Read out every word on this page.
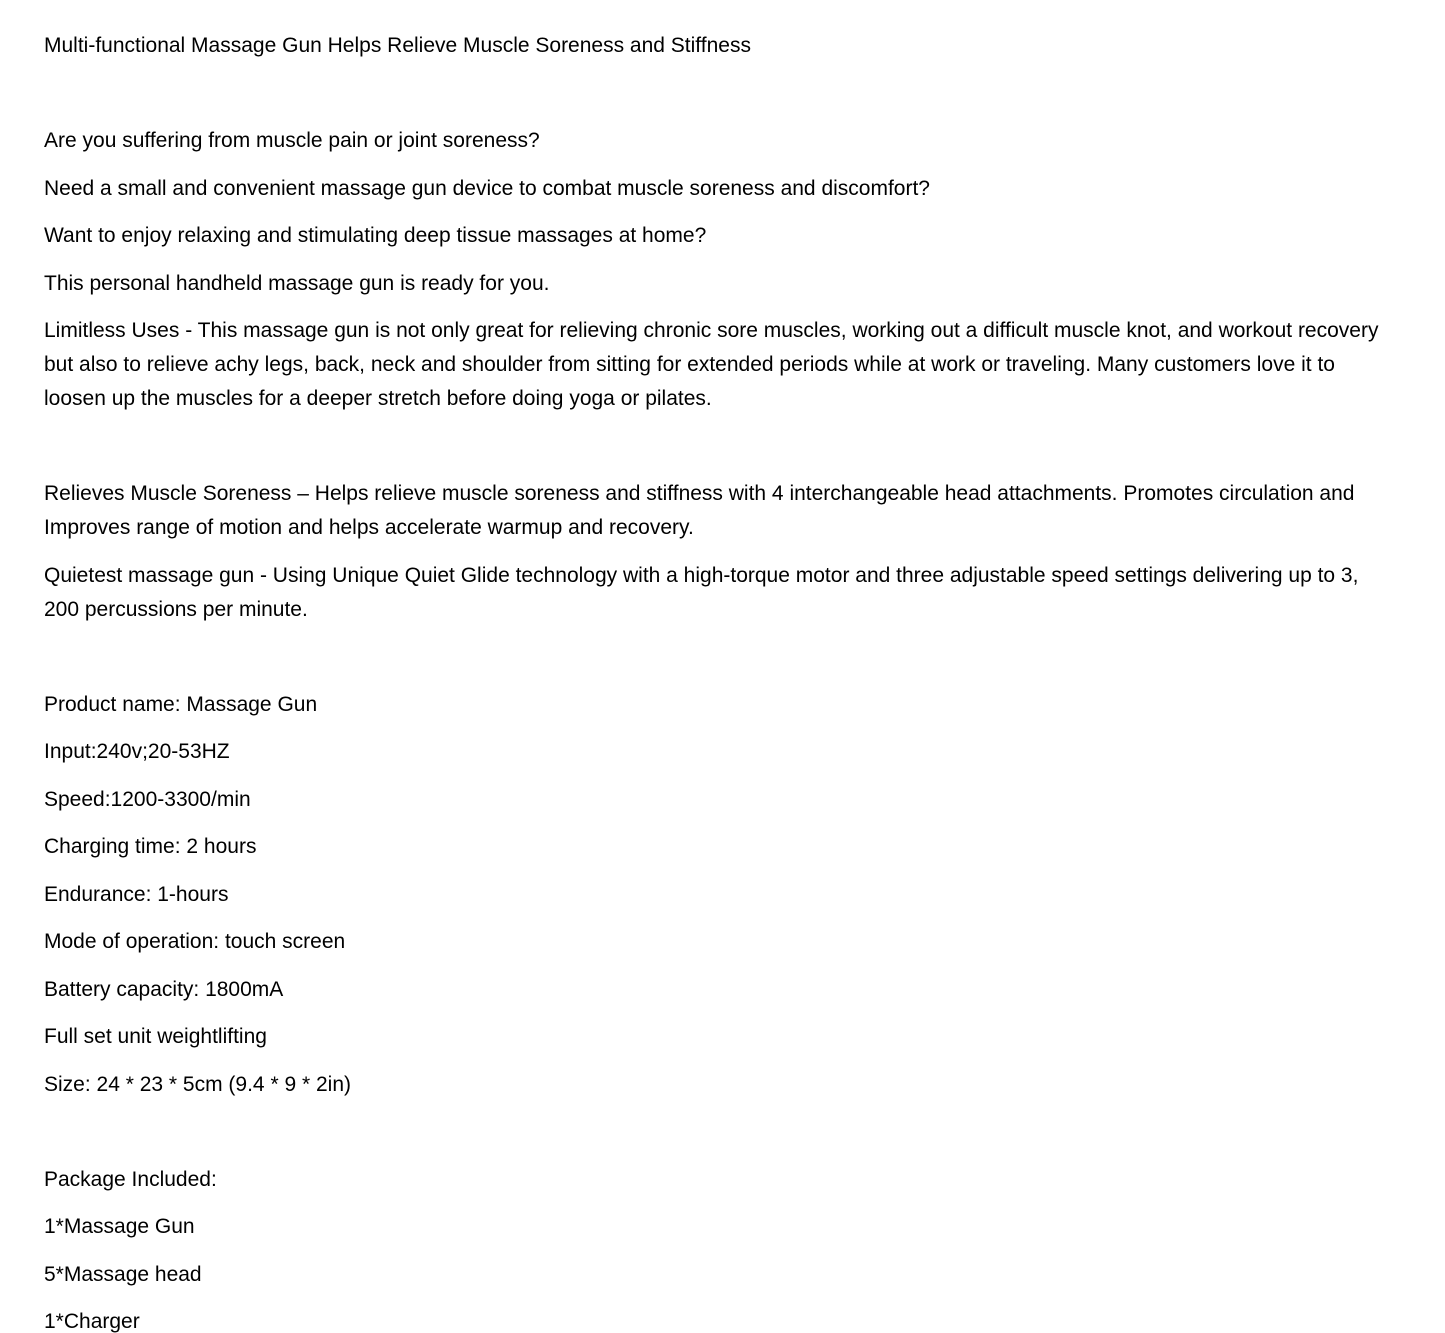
Multi-functional Massage Gun Helps Relieve Muscle Soreness and Stiffness

Are you suffering from muscle pain or joint soreness?

Need a small and convenient massage gun device to combat muscle soreness and discomfort?

Want to enjoy relaxing and stimulating deep tissue massages at home?

This personal handheld massage gun is ready for you.

Limitless Uses - This massage gun is not only great for relieving chronic sore muscles, working out a difficult muscle knot, and workout recovery but also to relieve achy legs, back, neck and shoulder from sitting for extended periods while at work or traveling. Many customers love it to loosen up the muscles for a deeper stretch before doing yoga or pilates.

Relieves Muscle Soreness – Helps relieve muscle soreness and stiffness with 4 interchangeable head attachments. Promotes circulation and Improves range of motion and helps accelerate warmup and recovery.

Quietest massage gun - Using Unique Quiet Glide technology with a high-torque motor and three adjustable speed settings delivering up to 3, 200 percussions per minute.

Product name: Massage Gun

Input:240v;20-53HZ

Speed:1200-3300/min

Charging time: 2 hours

Endurance: 1-hours

Mode of operation: touch screen

Battery capacity: 1800mA

Full set unit weightlifting

Size: 24 * 23 * 5cm (9.4 * 9 * 2in)

Package Included:

1*Massage Gun

5*Massage head

1*Charger
